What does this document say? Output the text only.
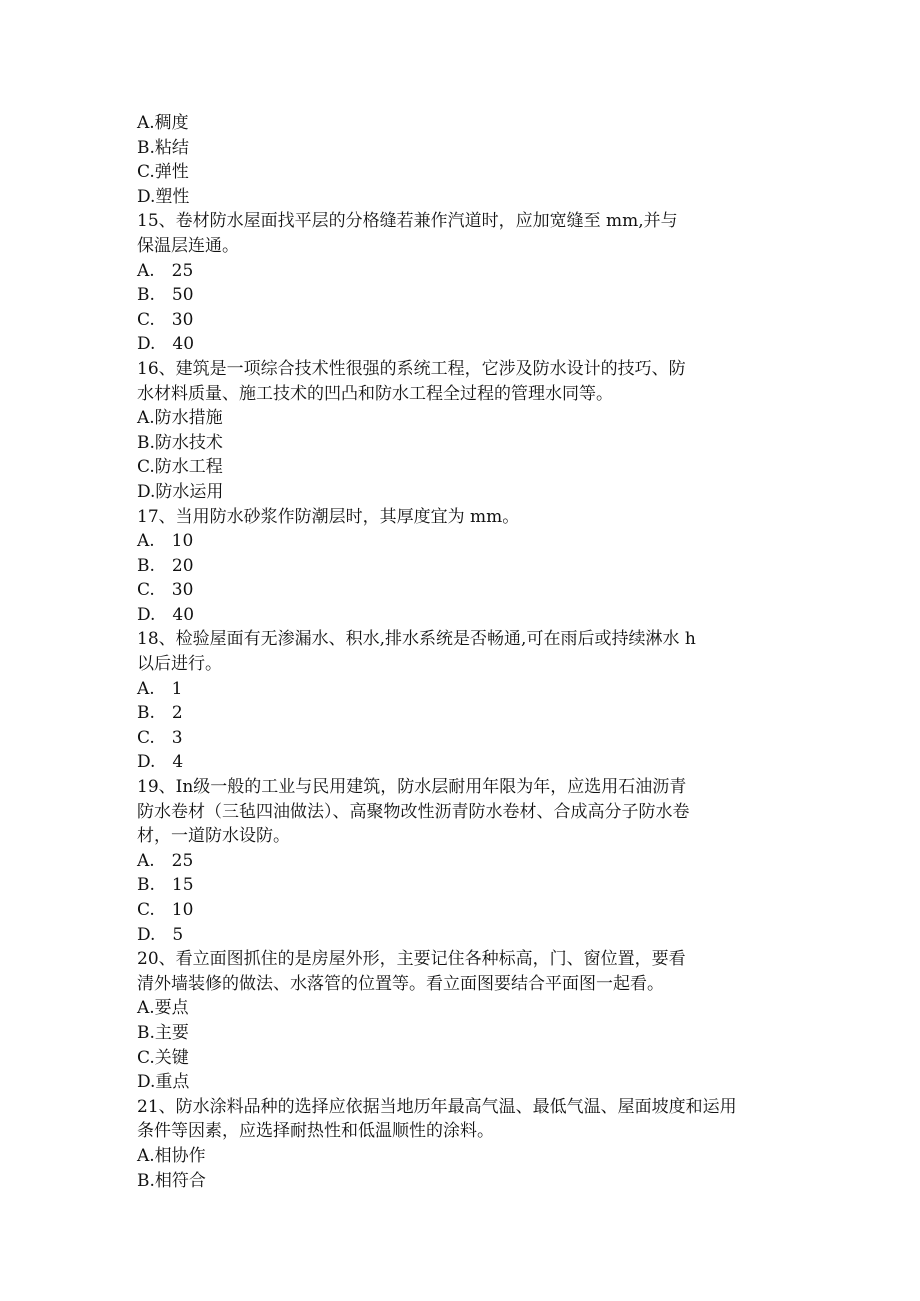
A.稠度
B.粘结
C.弹性
D.塑性
15、卷材防水屋面找平层的分格缝若兼作汽道时，应加宽缝至 mm,并与
保温层连通。
A.　25
B.　50
C.　30
D.　40
16、建筑是一项综合技术性很强的系统工程，它涉及防水设计的技巧、防
水材料质量、施工技术的凹凸和防水工程全过程的管理水同等。
A.防水措施
B.防水技术
C.防水工程
D.防水运用
17、当用防水砂浆作防潮层时，其厚度宜为 mm。
A.　10
B.　20
C.　30
D.　40
18、检验屋面有无渗漏水、积水,排水系统是否畅通,可在雨后或持续淋水 h
以后进行。
A.　1
B.　2
C.　3
D.　4
19、In级一般的工业与民用建筑，防水层耐用年限为年，应选用石油沥青
防水卷材（三毡四油做法）、高聚物改性沥青防水卷材、合成高分子防水卷
材，一道防水设防。
A.　25
B.　15
C.　10
D.　5
20、看立面图抓住的是房屋外形，主要记住各种标高，门、窗位置，要看
清外墙装修的做法、水落管的位置等。看立面图要结合平面图一起看。
A.要点
B.主要
C.关键
D.重点
21、防水涂料品种的选择应依据当地历年最高气温、最低气温、屋面坡度和运用
条件等因素，应选择耐热性和低温顺性的涂料。
A.相协作
B.相符合
